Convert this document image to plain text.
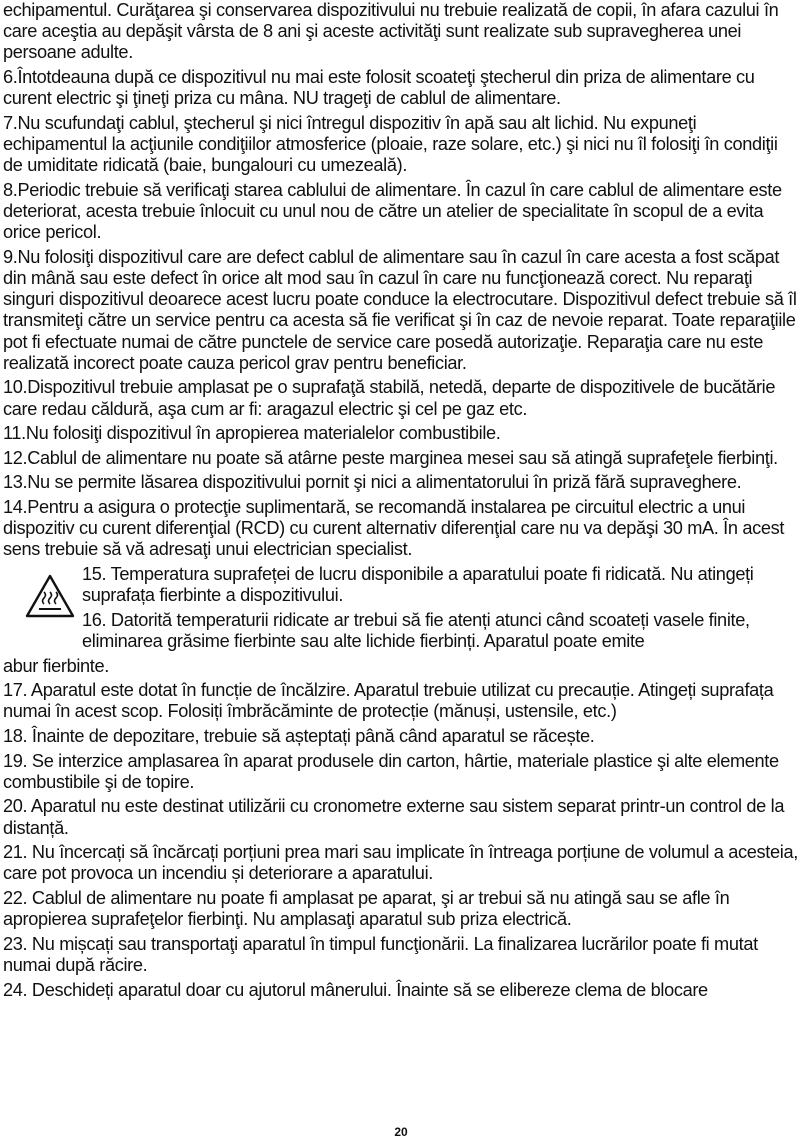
echipamentul. Curăţarea şi conservarea dispozitivului nu trebuie realizată de copii, în afara cazului în care aceştia au depăşit vârsta de 8 ani şi aceste activităţi sunt realizate sub supravegherea unei persoane adulte.

6.Întotdeauna după ce dispozitivul nu mai este folosit scoateţi ştecherul din priza de alimentare cu curent electric şi ţineţi priza cu mâna. NU trageţi de cablul de alimentare.

7.Nu scufundaţi cablul, ştecherul şi nici întregul dispozitiv în apă sau alt lichid. Nu expuneţi echipamentul la acţiunile condiţiilor atmosferice (ploaie, raze solare, etc.) şi nici nu îl folosiţi în condiţii de umiditate ridicată (baie, bungalouri cu umezeală).

8.Periodic trebuie să verificaţi starea cablului de alimentare. În cazul în care cablul de alimentare este deteriorat, acesta trebuie înlocuit cu unul nou de către un atelier de specialitate în scopul de a evita orice pericol.

9.Nu folosiţi dispozitivul care are defect cablul de alimentare sau în cazul în care acesta a fost scăpat din mână sau este defect în orice alt mod sau în cazul în care nu funcţionează corect. Nu reparaţi singuri dispozitivul deoarece acest lucru poate conduce la electrocutare. Dispozitivul defect trebuie să îl transmiteţi către un service pentru ca acesta să fie verificat şi în caz de nevoie reparat. Toate reparaţiile pot fi efectuate numai de către punctele de service care posedă autorizaţie. Reparaţia care nu este realizată incorect poate cauza pericol grav pentru beneficiar.

10.Dispozitivul trebuie amplasat pe o suprafaţă stabilă, netedă, departe de dispozitivele de bucătărie care redau căldură, aşa cum ar fi: aragazul electric şi cel pe gaz etc.

11.Nu folosiţi dispozitivul în apropierea materialelor combustibile.

12.Cablul de alimentare nu poate să atârne peste marginea mesei sau să atingă suprafeţele fierbinţi.

13.Nu se permite lăsarea dispozitivului pornit şi nici a alimentatorului în priză fără supraveghere.

14.Pentru a asigura o protecţie suplimentară, se recomandă instalarea pe circuitul electric a unui dispozitiv cu curent diferenţial (RCD) cu curent alternativ diferenţial care nu va depăşi 30 mA. În acest sens trebuie să vă adresaţi unui electrician specialist.

15. Temperatura suprafeței de lucru disponibile a aparatului poate fi ridicată. Nu atingeți suprafața fierbinte a dispozitivului.

16. Datorită temperaturii ridicate ar trebui să fie atenți atunci când scoateți vasele finite, eliminarea grăsime fierbinte sau alte lichide fierbinți. Aparatul poate emite

abur fierbinte.

17. Aparatul este dotat în funcție de încălzire. Aparatul trebuie utilizat cu precauție. Atingeți suprafața numai în acest scop. Folosiți îmbrăcăminte de protecție (mănuși, ustensile, etc.)

18. Înainte de depozitare, trebuie să așteptați până când aparatul se răcește.

19. Se interzice amplasarea în aparat produsele din carton, hârtie, materiale plastice şi alte elemente combustibile şi de topire.

20. Aparatul nu este destinat utilizării cu cronometre externe sau sistem separat printr-un control de la distanță.

21. Nu încercați să încărcați porțiuni prea mari sau implicate în întreaga porțiune de volumul a acesteia, care pot provoca un incendiu și deteriorare a aparatului.

22. Cablul de alimentare nu poate fi amplasat pe aparat, şi ar trebui să nu atingă sau se afle în apropierea suprafeţelor fierbinţi. Nu amplasaţi aparatul sub priza electrică.

23. Nu mișcați sau transportaţi aparatul în timpul funcţionării. La finalizarea lucrărilor poate fi mutat numai după răcire.

24. Deschideți aparatul doar cu ajutorul mânerului. Înainte să se elibereze clema de blocare

20
